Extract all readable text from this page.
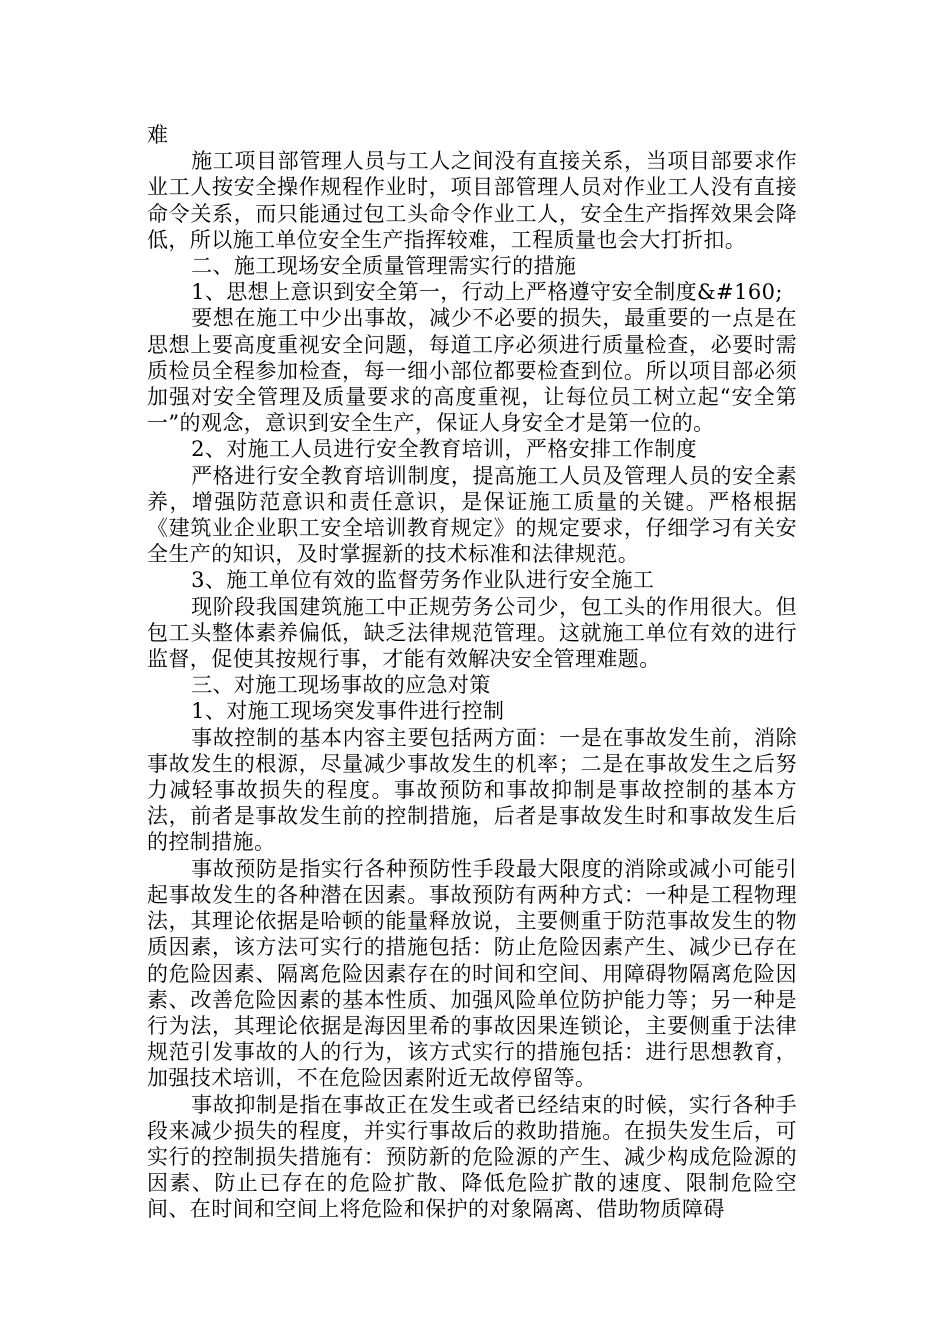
难

施工项目部管理人员与工人之间没有直接关系，当项目部要求作业工人按安全操作规程作业时，项目部管理人员对作业工人没有直接命令关系，而只能通过包工头命令作业工人，安全生产指挥效果会降低，所以施工单位安全生产指挥较难，工程质量也会大打折扣。

二、施工现场安全质量管理需实行的措施

1、思想上意识到安全第一，行动上严格遵守安全制度&#160;

要想在施工中少出事故，减少不必要的损失，最重要的一点是在思想上要高度重视安全问题，每道工序必须进行质量检查，必要时需质检员全程参加检查，每一细小部位都要检查到位。所以项目部必须加强对安全管理及质量要求的高度重视，让每位员工树立起“安全第一”的观念，意识到安全生产，保证人身安全才是第一位的。

2、对施工人员进行安全教育培训，严格安排工作制度

严格进行安全教育培训制度，提高施工人员及管理人员的安全素养，增强防范意识和责任意识，是保证施工质量的关键。严格根据《建筑业企业职工安全培训教育规定》的规定要求，仔细学习有关安全生产的知识，及时掌握新的技术标准和法律规范。

3、施工单位有效的监督劳务作业队进行安全施工

现阶段我国建筑施工中正规劳务公司少，包工头的作用很大。但包工头整体素养偏低，缺乏法律规范管理。这就施工单位有效的进行监督，促使其按规行事，才能有效解决安全管理难题。

三、对施工现场事故的应急对策

1、对施工现场突发事件进行控制

事故控制的基本内容主要包括两方面：一是在事故发生前，消除事故发生的根源，尽量减少事故发生的机率；二是在事故发生之后努力减轻事故损失的程度。事故预防和事故抑制是事故控制的基本方法，前者是事故发生前的控制措施，后者是事故发生时和事故发生后的控制措施。

事故预防是指实行各种预防性手段最大限度的消除或减小可能引起事故发生的各种潜在因素。事故预防有两种方式：一种是工程物理法，其理论依据是哈顿的能量释放说，主要侧重于防范事故发生的物质因素，该方法可实行的措施包括：防止危险因素产生、减少已存在的危险因素、隔离危险因素存在的时间和空间、用障碍物隔离危险因素、改善危险因素的基本性质、加强风险单位防护能力等；另一种是行为法，其理论依据是海因里希的事故因果连锁论，主要侧重于法律规范引发事故的人的行为，该方式实行的措施包括：进行思想教育，加强技术培训，不在危险因素附近无故停留等。

事故抑制是指在事故正在发生或者已经结束的时候，实行各种手段来减少损失的程度，并实行事故后的救助措施。在损失发生后，可实行的控制损失措施有：预防新的危险源的产生、减少构成危险源的因素、防止已存在的危险扩散、降低危险扩散的速度、限制危险空间、在时间和空间上将危险和保护的对象隔离、借助物质障碍
